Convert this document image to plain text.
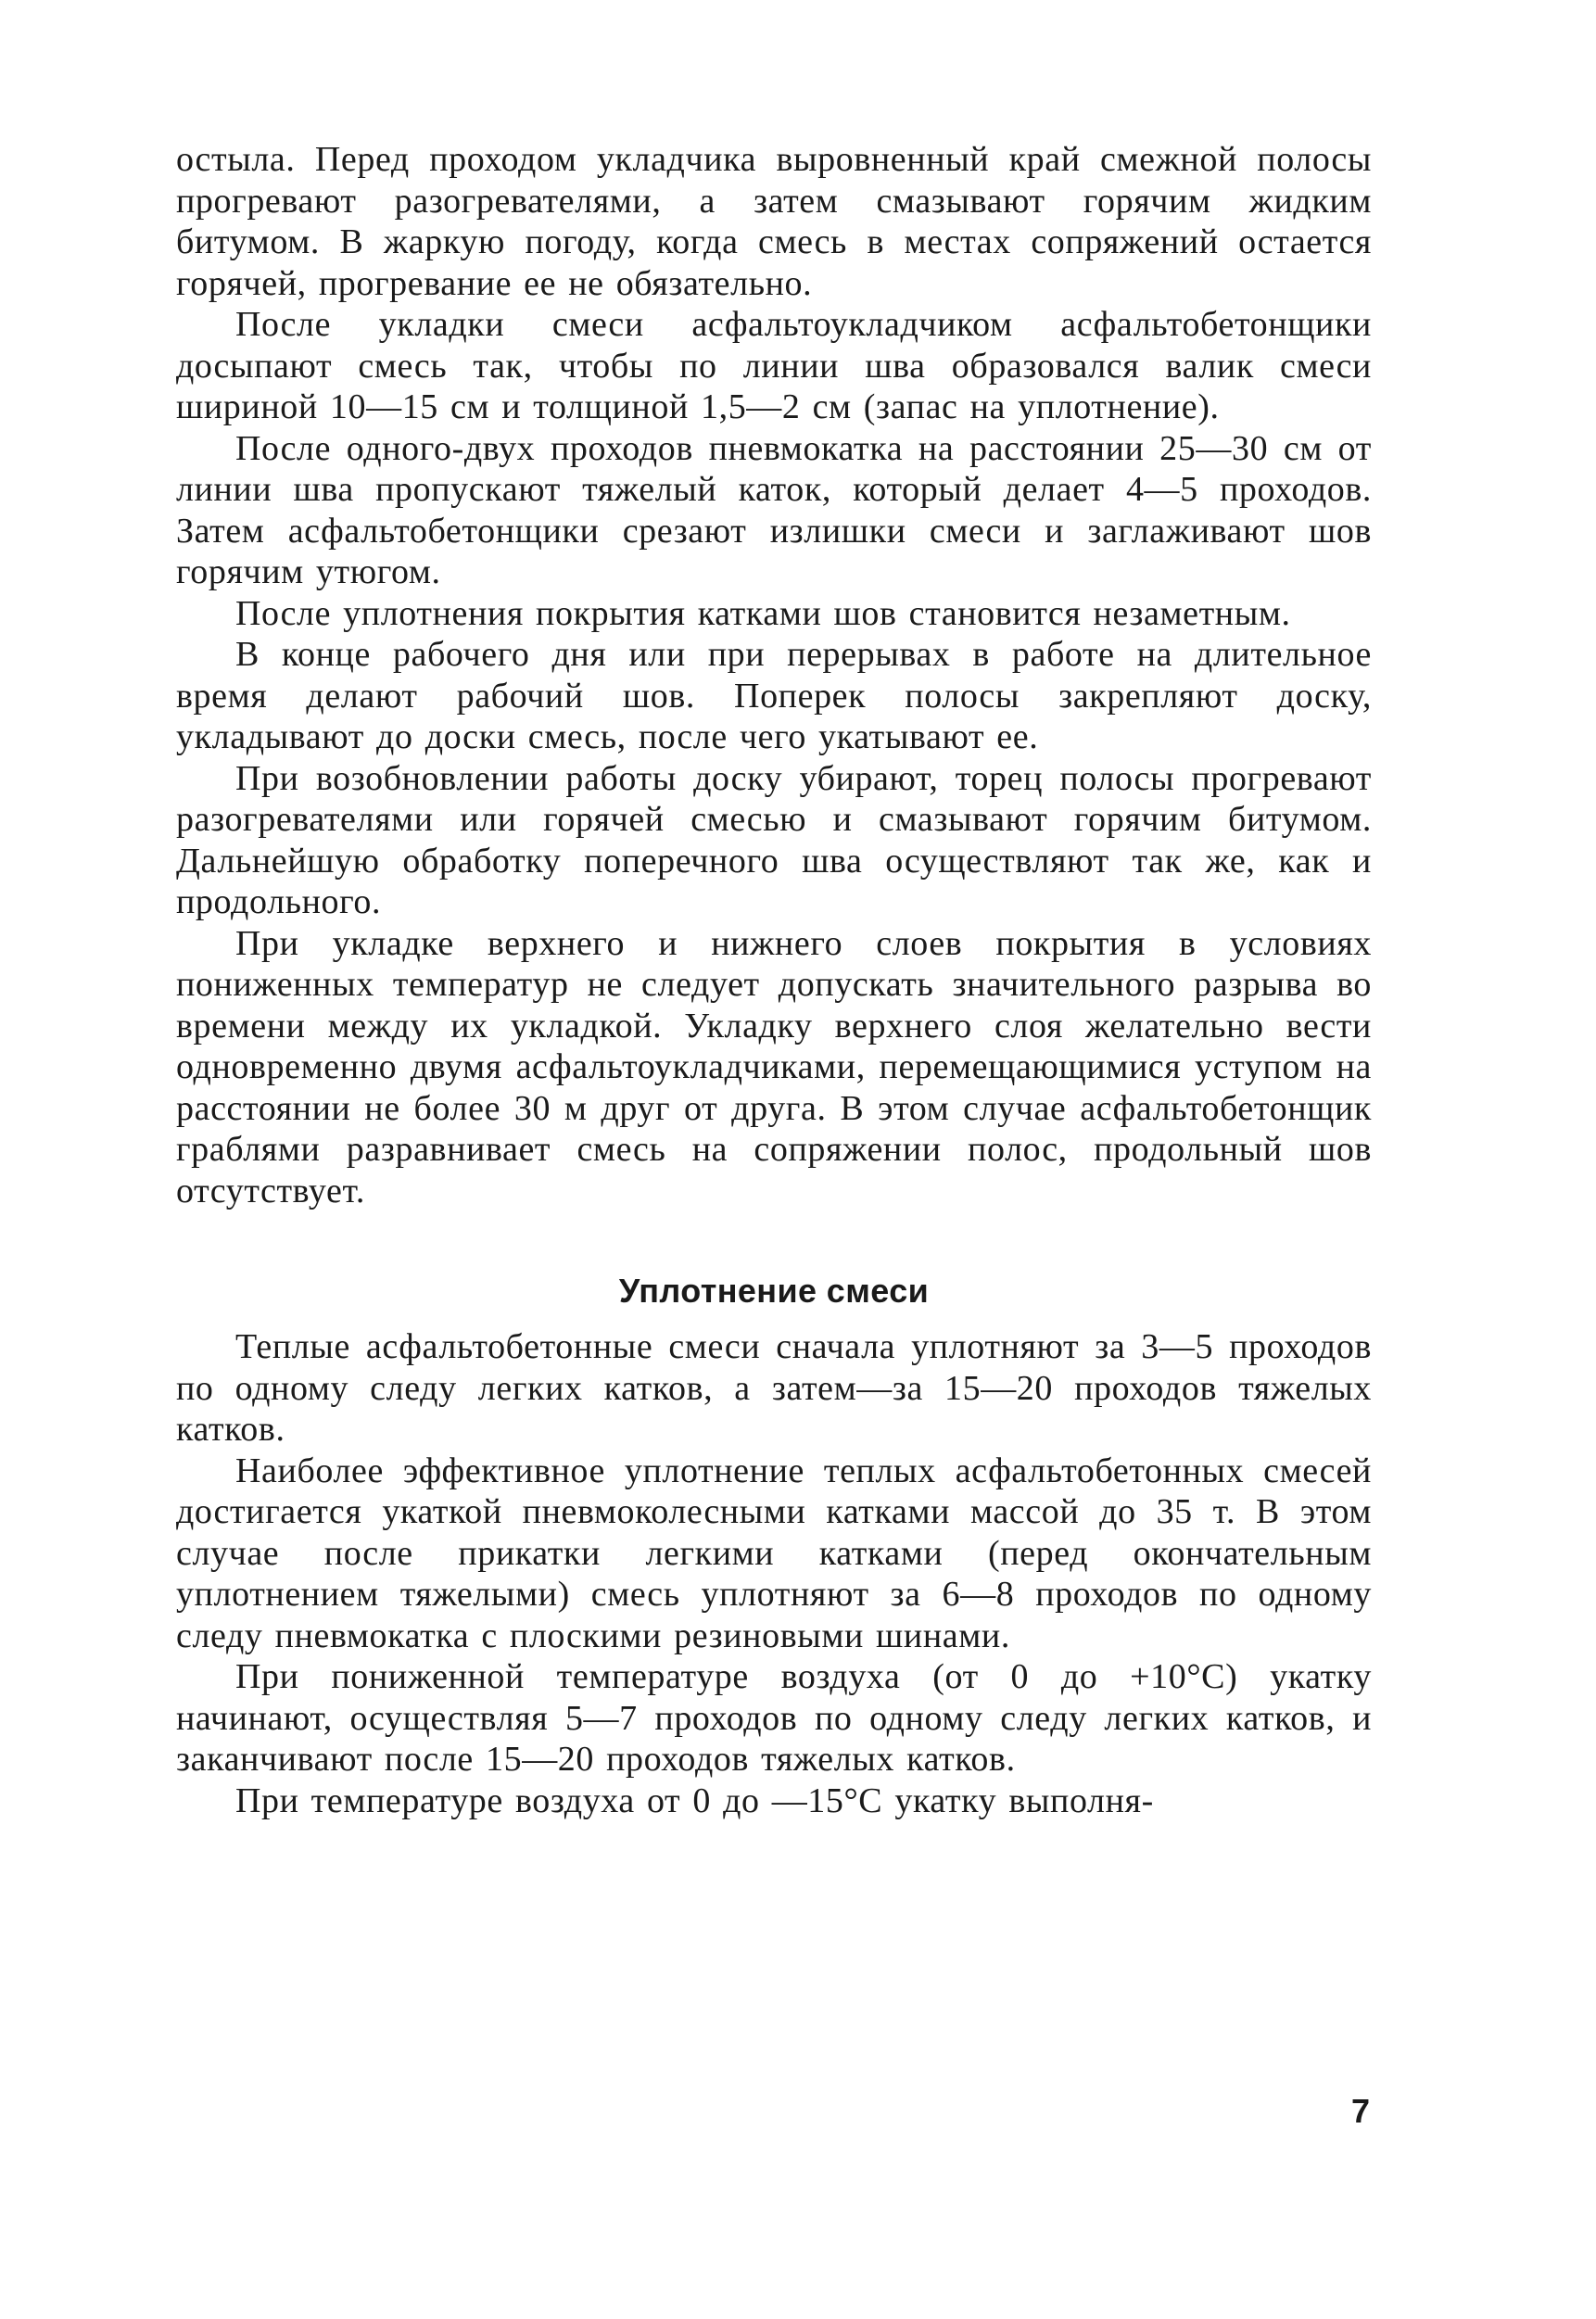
остыла. Перед проходом укладчика выровненный край смежной полосы прогревают разогревателями, а затем смазывают горячим жидким битумом. В жаркую погоду, когда смесь в местах сопряжений остается горячей, прогревание ее не обязательно.

После укладки смеси асфальтоукладчиком асфальтобетонщики досыпают смесь так, чтобы по линии шва образовался валик смеси шириной 10—15 см и толщиной 1,5—2 см (запас на уплотнение).

После одного-двух проходов пневмокатка на расстоянии 25—30 см от линии шва пропускают тяжелый каток, который делает 4—5 проходов. Затем асфальтобетонщики срезают излишки смеси и заглаживают шов горячим утюгом.

После уплотнения покрытия катками шов становится незаметным.

В конце рабочего дня или при перерывах в работе на длительное время делают рабочий шов. Поперек полосы закрепляют доску, укладывают до доски смесь, после чего укатывают ее.

При возобновлении работы доску убирают, торец полосы прогревают разогревателями или горячей смесью и смазывают горячим битумом. Дальнейшую обработку поперечного шва осуществляют так же, как и продольного.

При укладке верхнего и нижнего слоев покрытия в условиях пониженных температур не следует допускать значительного разрыва во времени между их укладкой. Укладку верхнего слоя желательно вести одновременно двумя асфальтоукладчиками, перемещающимися уступом на расстоянии не более 30 м друг от друга. В этом случае асфальтобетонщик граблями разравнивает смесь на сопряжении полос, продольный шов отсутствует.

Уплотнение смеси

Теплые асфальтобетонные смеси сначала уплотняют за 3—5 проходов по одному следу легких катков, а затем—за 15—20 проходов тяжелых катков.

Наиболее эффективное уплотнение теплых асфальтобетонных смесей достигается укаткой пневмоколесными катками массой до 35 т. В этом случае после прикатки легкими катками (перед окончательным уплотнением тяжелыми) смесь уплотняют за 6—8 проходов по одному следу пневмокатка с плоскими резиновыми шинами.

При пониженной температуре воздуха (от 0 до +10°С) укатку начинают, осуществляя 5—7 проходов по одному следу легких катков, и заканчивают после 15—20 проходов тяжелых катков.

При температуре воздуха от 0 до —15°С укатку выполня-

7
